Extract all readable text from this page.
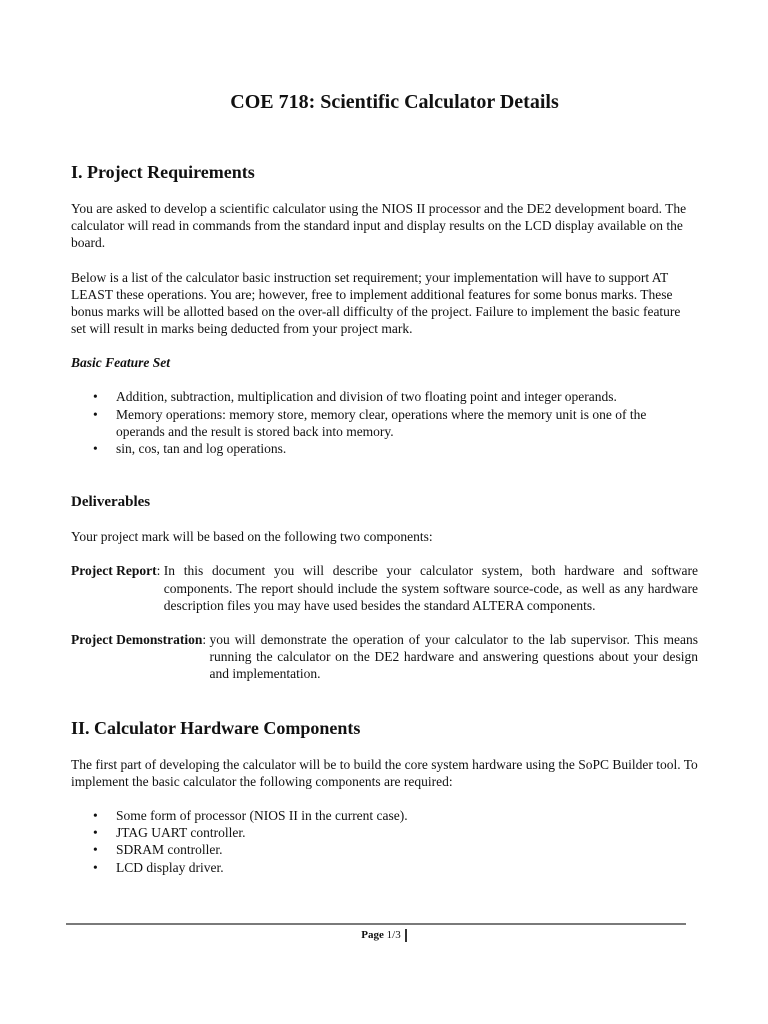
COE 718: Scientific Calculator Details
I. Project Requirements

You are asked to develop a scientific calculator using the NIOS II processor and the DE2 development board. The calculator will read in commands from the standard input and display results on the LCD display available on the board.

Below is a list of the calculator basic instruction set requirement; your implementation will have to support AT LEAST these operations. You are; however, free to implement additional features for some bonus marks. These bonus marks will be allotted based on the over-all difficulty of the project. Failure to implement the basic feature set will result in marks being deducted from your project mark.

Basic Feature Set
• Addition, subtraction, multiplication and division of two floating point and integer operands.
• Memory operations: memory store, memory clear, operations where the memory unit is one of the operands and the result is stored back into memory.
• sin, cos, tan and log operations.
Deliverables

Your project mark will be based on the following two components:

Project Report : In this document you will describe your calculator system, both hardware and software components. The report should include the system software source-code, as well as any hardware description files you may have used besides the standard ALTERA components.
Project Demonstration : you will demonstrate the operation of your calculator to the lab supervisor. This means running the calculator on the DE2 hardware and answering questions about your design and implementation.
II. Calculator Hardware Components

The first part of developing the calculator will be to build the core system hardware using the SoPC Builder tool. To implement the basic calculator the following components are required:

• Some form of processor (NIOS II in the current case).
• JTAG UART controller.
• SDRAM controller.
• LCD display driver.
Page 1/3
